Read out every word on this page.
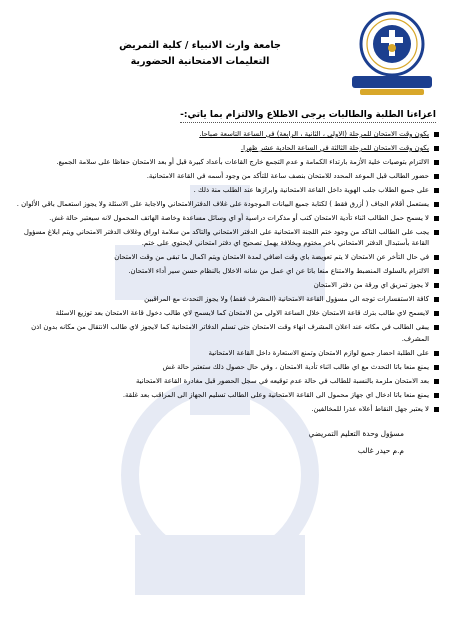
جامعة وارث الانبياء / كلية التمريض
التعليمات الامتحانية الحضورية
اعزاءنا الطلبة والطالبات يرجى الاطلاع والالتزام بما ياتي:-
يكون وقت الامتحان للمرحلة (الاولى ، الثانية ، الرابعة) في الساعة التاسعة صباحا.
يكون وقت الامتحان للمرحلة الثالثة في الساعة الحادية عشر ظهرا.
الالتزام بتوصيات خلية الأزمة بارتداء الكمامة و عدم التجمع خارج القاعات بأعداد كبيرة قبل أو بعد الامتحان حفاظا على سلامة الجميع.
حضور الطالب قبل الموعد المحدد للامتحان بنصف ساعة للتأكد من وجود أسمه في القاعة الامتحانية.
على جميع الطلاب جلب الهوية داخل القاعة الامتحانية وابرازها عند الطلب منة ذلك .
يستعمل أقلام الجاف ( أزرق فقط ) لكتابة جميع البيانات الموجودة على غلاف الدفترالامتحاني والاجابة على الاسئلة ولا يجوز استعمال باقي الألوان .
لا يسمح حمل الطالب اثناء تأدية الامتحان كتب أو مذكرات دراسية أو اي وسائل مساعدة وخاصة الهاتف المحمول لانه سيعتبر حالة غش.
يجب على الطالب التاكد من وجود ختم اللجنة الامتحانية على الدفتر الامتحاني والتاكد من سلامة اوراق وغلاف الدفتر الامتحاني ويتم ابلاغ مسؤول القاعة بأستبدال الدفتر الامتحاني باخر مختوم وبخلافة يهمل تصحيح اي دفتر امتحاني لايحتوي على ختم.
في حال التأخر عن الامتحان لا يتم تعويضة باي وقت اضافي لمدة الامتحان ويتم اكمال ما تبقى من وقت الامتحان
الالتزام بالسلوك المنضبط والامتناع منعا باتا عن اي عمل من شانه الاخلال بالنظام حسن سير أداء الامتحان.
لا يجوز تمزيق اي ورقة من دفتر الامتحان
كافة الاستفسارات توجه الى مسؤول القاعة الامتحانية (المشرف فقط) ولا يجوز التحدث مع المراقبين
لايسمح لاي طالب بترك قاعة الامتحان خلال الساعة الاولى من الامتحان كما لايسمح لاي طالب دخول قاعة الامتحان بعد توزيع الاسئلة
يبقى الطالب في مكانه عند اعلان المشرف انهاء وقت الامتحان حتى تسلم الدفاتر الامتحانية كما لايجوز لاي طالب الانتقال من مكانه بدون اذن المشرف.
على الطلبة احضار جميع لوازم الامتحان وتمنع الاستعارة داخل القاعة الامتحانية
يمنع منعا باتا التحدث مع اي طالب اثناء تأدية الامتحان ، وفي حال حصول ذلك ستعتبر حالة غش
بعد الامتحان ملزمة بالنسبة للطالب في حالة عدم توقيعه في سجل الحضور قبل مغادرة القاعة الامتحانية
يمنع منعا باتا ادخال اي جهاز محمول الى القاعة الامتحانية وعلى الطالب تسليم الجهاز الى المراقب بعد غلقة.
لا يعتبر جهل النقاط أعلاه عذرا للمخالفين.
مسؤول وحدة التعليم التمريضي
م.م حيدر غالب
